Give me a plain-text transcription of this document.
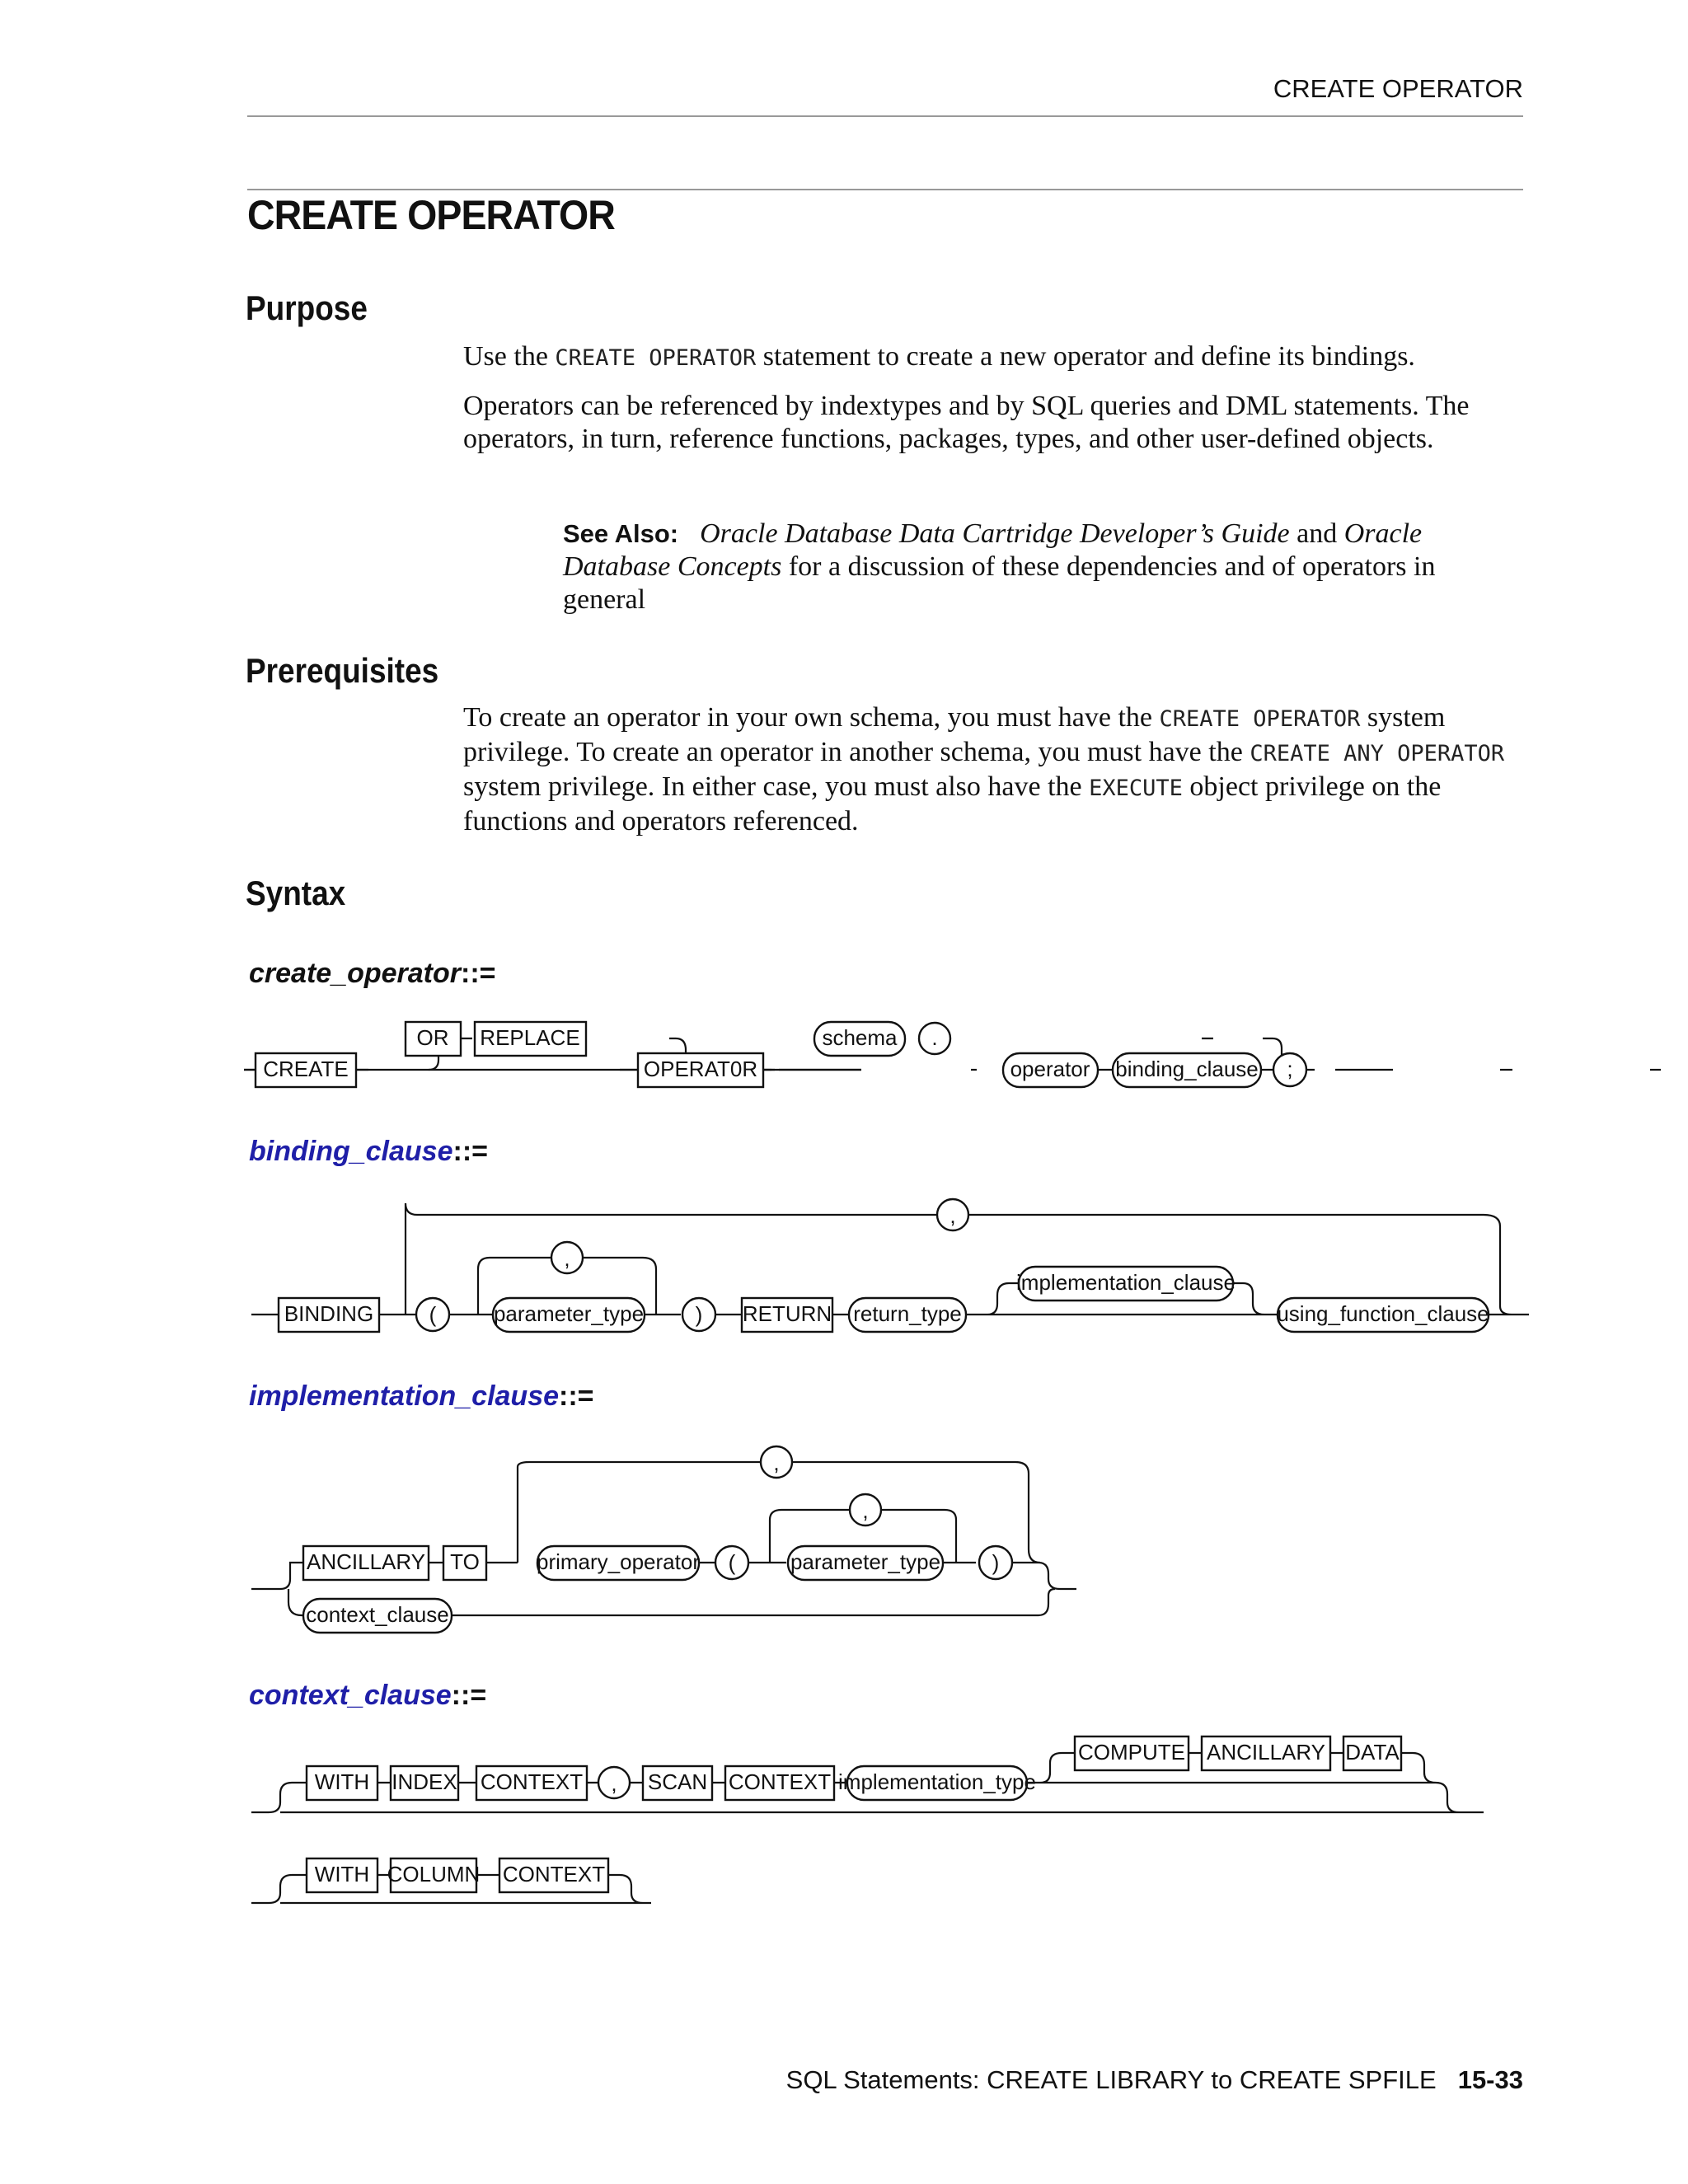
CREATE OPERATOR
CREATE OPERATOR
Purpose
Use the CREATE OPERATOR statement to create a new operator and define its bindings.
Operators can be referenced by indextypes and by SQL queries and DML statements. The operators, in turn, reference functions, packages, types, and other user-defined objects.
See Also: Oracle Database Data Cartridge Developer’s Guide and Oracle Database Concepts for a discussion of these dependencies and of operators in general
Prerequisites
To create an operator in your own schema, you must have the CREATE OPERATOR system privilege. To create an operator in another schema, you must have the CREATE ANY OPERATOR system privilege. In either case, you must also have the EXECUTE object privilege on the functions and operators referenced.
Syntax
create_operator::=
CREATE
OR REPLACE
OPERAT0R
schema .
operator binding_clause ;
binding_clause::=
BINDING
,
(
,
parameter_type ) RETURN return_type
implementation_clause
using_function_clause
implementation_clause::=
ANCILLARY TO
,
primary_operator (
,
parameter_type )
context_clause
context_clause::=
WITH INDEX CONTEXT , SCAN CONTEXT implementation_type
COMPUTE ANCILLARY DATA
WITH COLUMN CONTEXT
SQL Statements: CREATE LIBRARY to CREATE SPFILE 15-33
